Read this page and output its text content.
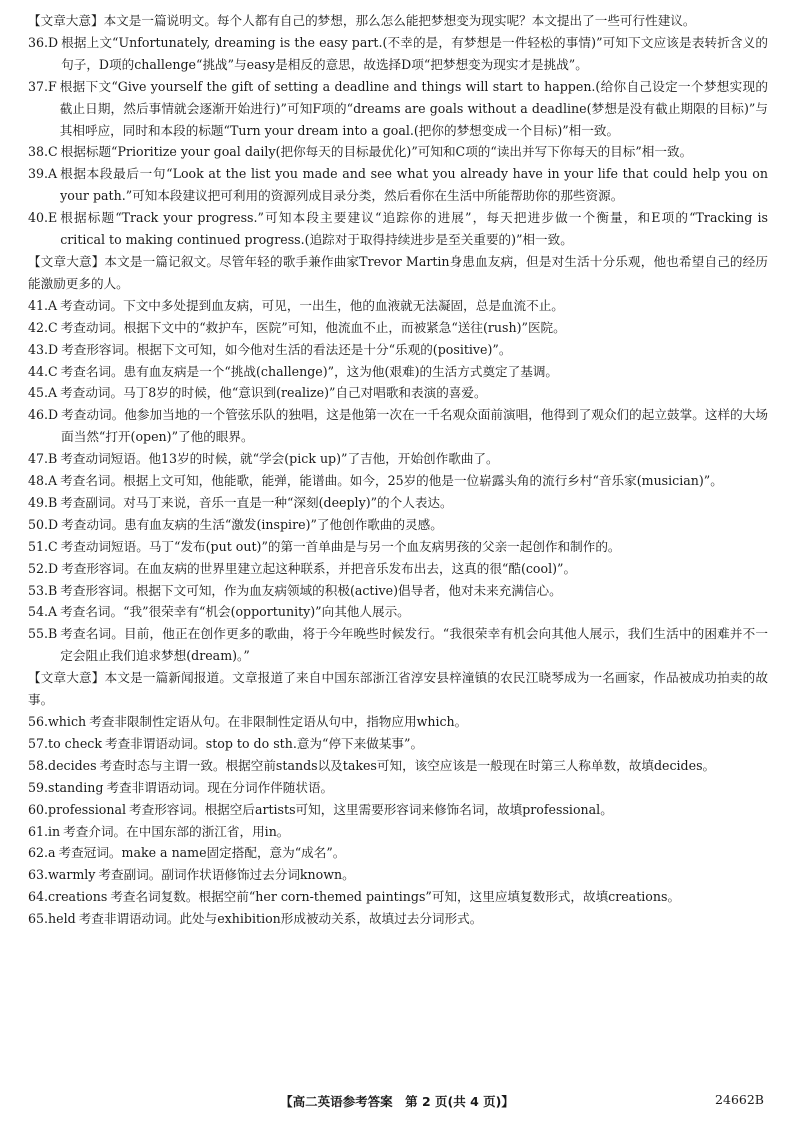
【文章大意】本文是一篇说明文。每个人都有自己的梦想，那么怎么能把梦想变为现实呢？本文提出了一些可行性建议。

36.D 根据上文“Unfortunately, dreaming is the easy part.(不幸的是，有梦想是一件轻松的事情)”可知下文应该是表转折含义的句子，D项的challenge“挑战”与easy是相反的意思，故选择D项“把梦想变为现实才是挑战”。
37.F 根据下文“Give yourself the gift of setting a deadline and things will start to happen.(给你自己设定一个梦想实现的截止日期，然后事情就会逐渐开始进行)”可知F项的“dreams are goals without a deadline(梦想是没有截止期限的目标)”与其相呼应，同时和本段的标题“Turn your dream into a goal.(把你的梦想变成一个目标)”相一致。
38.C 根据标题“Prioritize your goal daily(把你每天的目标最优化)”可知和C项的“读出并写下你每天的目标”相一致。
39.A 根据本段最后一句“Look at the list you made and see what you already have in your life that could help you on your path.”可知本段建议把可利用的资源列成目录分类，然后看你在生活中所能帮助你的那些资源。
40.E 根据标题“Track your progress.”可知本段主要建议“追踪你的进展”，每天把进步做一个衡量，和E项的“Tracking is critical to making continued progress.(追踪对于取得持续进步是至关重要的)”相一致。

【文章大意】本文是一篇记叙文。尽管年轻的歌手兼作曲家Trevor Martin身患血友病，但是对生活十分乐观，他也希望自己的经历能激励更多的人。

41.A 考查动词。下文中多处提到血友病，可见，一出生，他的血液就无法凝固，总是血流不止。
42.C 考查动词。根据下文中的“救护车，医院”可知，他流血不止，而被紧急“送往(rush)”医院。
43.D 考查形容词。根据下文可知，如今他对生活的看法还是十分“乐观的(positive)”。
44.C 考查名词。患有血友病是一个“挑战(challenge)”，这为他(艰难)的生活方式奠定了基调。
45.A 考查动词。马丁8岁的时候，他“意识到(realize)”自己对唱歌和表演的喜爱。
46.D 考查动词。他参加当地的一个管弦乐队的独唱，这是他第一次在一千名观众面前演唱，他得到了观众们的起立鼓掌。这样的大场面当然“打开(open)”了他的眼界。
47.B 考查动词短语。他13岁的时候，就“学会(pick up)”了吉他，开始创作歌曲了。
48.A 考查名词。根据上文可知，他能歌，能弹，能谱曲。如今，25岁的他是一位崭露头角的流行乡村“音乐家(musician)”。
49.B 考查副词。对马丁来说，音乐一直是一种“深刻(deeply)”的个人表达。
50.D 考查动词。患有血友病的生活“激发(inspire)”了他创作歌曲的灵感。
51.C 考查动词短语。马丁“发布(put out)”的第一首单曲是与另一个血友病男孩的父亲一起创作和制作的。
52.D 考查形容词。在血友病的世界里建立起这种联系，并把音乐发布出去，这真的很“酷(cool)”。
53.B 考查形容词。根据下文可知，作为血友病领域的积极(active)倡导者，他对未来充满信心。
54.A 考查名词。“我”很荣幸有“机会(opportunity)”向其他人展示。
55.B 考查名词。目前，他正在创作更多的歌曲，将于今年晚些时候发行。“我很荣幸有机会向其他人展示，我们生活中的困难并不一定会阻止我们追求梦想(dream)。”

【文章大意】本文是一篇新闻报道。文章报道了来自中国东部浙江省淳安县梓潼镇的农民江晓琴成为一名画家，作品被成功拍卖的故事。

56.which 考查非限制性定语从句。在非限制性定语从句中，指物应用which。
57.to check 考查非谓语动词。stop to do sth.意为“停下来做某事”。
58.decides 考查时态与主谓一致。根据空前stands以及takes可知，该空应该是一般现在时第三人称单数，故填decides。
59.standing 考查非谓语动词。现在分词作伴随状语。
60.professional 考查形容词。根据空后artists可知，这里需要形容词来修饰名词，故填professional。
61.in 考查介词。在中国东部的浙江省，用in。
62.a 考查冠词。make a name固定搭配，意为“成名”。
63.warmly 考查副词。副词作状语修饰过去分词known。
64.creations 考查名词复数。根据空前“her corn-themed paintings”可知，这里应填复数形式，故填creations。
65.held 考查非谓语动词。此处与exhibition形成被动关系，故填过去分词形式。
【高二英语参考答案　第 2 页(共 4 页)】	24662B
